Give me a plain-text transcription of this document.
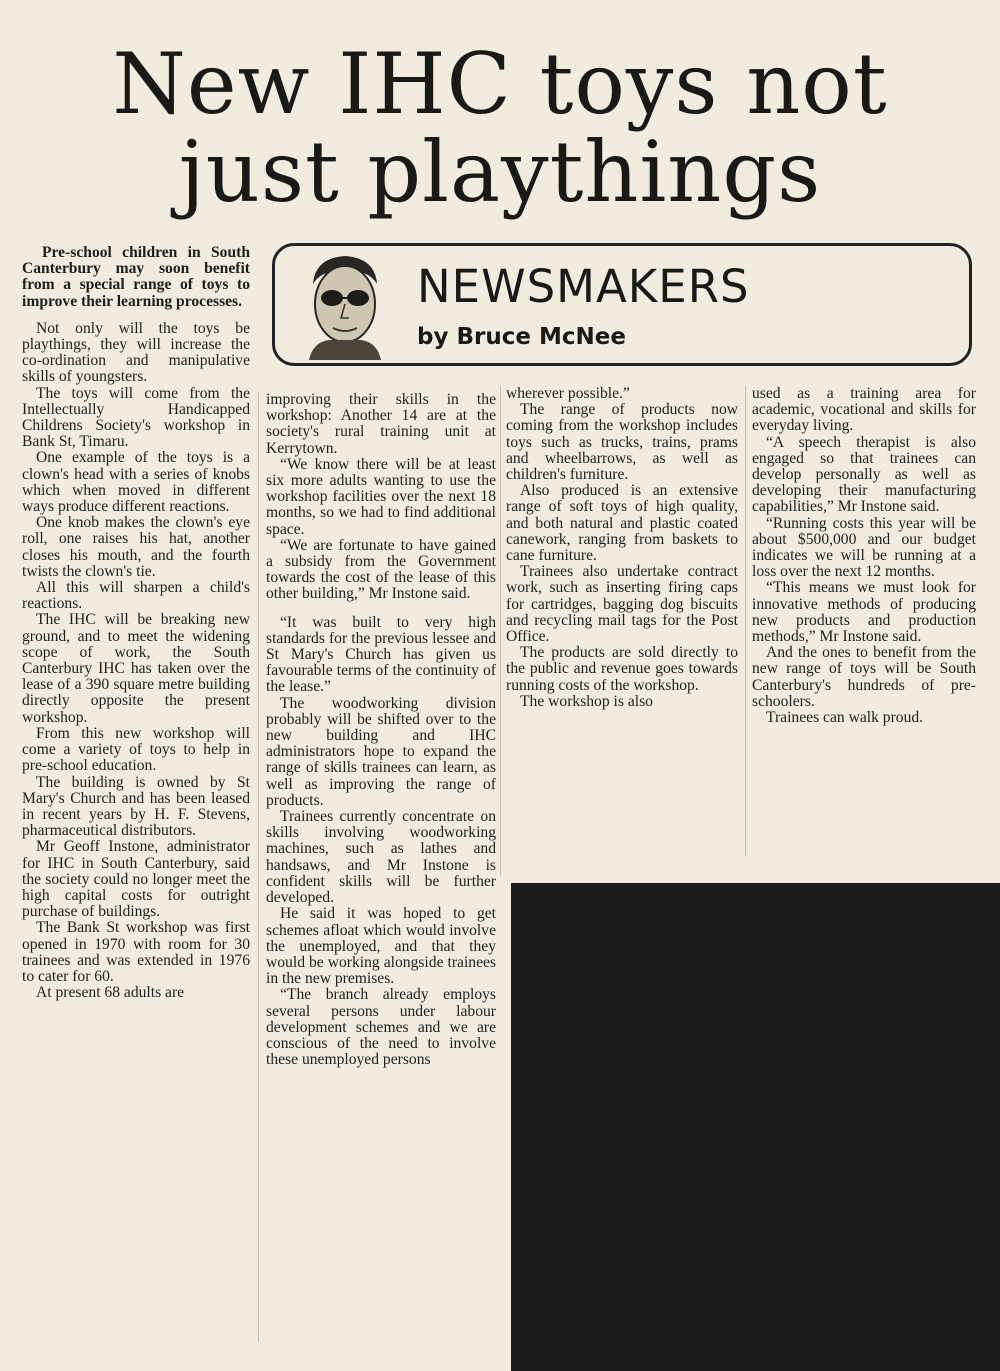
New IHC toys not
just playthings
NEWSMAKERS
by Bruce McNee

Pre-school children in South Canterbury may soon benefit from a special range of toys to improve their learning processes.

Not only will the toys be playthings, they will increase the co-ordination and manipulative skills of youngsters.

The toys will come from the Intellectually Handicapped Childrens Society's workshop in Bank St, Timaru.

One example of the toys is a clown's head with a series of knobs which when moved in different ways produce different reactions.

One knob makes the clown's eye roll, one raises his hat, another closes his mouth, and the fourth twists the clown's tie.

All this will sharpen a child's reactions.

The IHC will be breaking new ground, and to meet the widening scope of work, the South Canterbury IHC has taken over the lease of a 390 square metre building directly opposite the present workshop.

From this new workshop will come a variety of toys to help in pre-school education.

The building is owned by St Mary's Church and has been leased in recent years by H. F. Stevens, pharmaceutical distributors.

Mr Geoff Instone, administrator for IHC in South Canterbury, said the society could no longer meet the high capital costs for outright purchase of buildings.

The Bank St workshop was first opened in 1970 with room for 30 trainees and was extended in 1976 to cater for 60.

At present 68 adults are

improving their skills in the workshop: Another 14 are at the society's rural training unit at Kerrytown.

“We know there will be at least six more adults wanting to use the workshop facilities over the next 18 months, so we had to find additional space.

“We are fortunate to have gained a subsidy from the Government towards the cost of the lease of this other building,” Mr Instone said.

“It was built to very high standards for the previous lessee and St Mary's Church has given us favourable terms of the continuity of the lease.”

The woodworking division probably will be shifted over to the new building and IHC administrators hope to expand the range of skills trainees can learn, as well as improving the range of products.

Trainees currently concentrate on skills involving woodworking machines, such as lathes and handsaws, and Mr Instone is confident skills will be further developed.

He said it was hoped to get schemes afloat which would involve the unemployed, and that they would be working alongside trainees in the new premises.

“The branch already employs several persons under labour development schemes and we are conscious of the need to involve these unemployed persons

wherever possible.”

The range of products now coming from the workshop includes toys such as trucks, trains, prams and wheelbarrows, as well as children's furniture.

Also produced is an extensive range of soft toys of high quality, and both natural and plastic coated canework, ranging from baskets to cane furniture.

Trainees also undertake contract work, such as inserting firing caps for cartridges, bagging dog biscuits and recycling mail tags for the Post Office.

The products are sold directly to the public and revenue goes towards running costs of the workshop.

The workshop is also

used as a training area for academic, vocational and skills for everyday living.

“A speech therapist is also engaged so that trainees can develop personally as well as developing their manufacturing capabilities,” Mr Instone said.

“Running costs this year will be about $500,000 and our budget indicates we will be running at a loss over the next 12 months.

“This means we must look for innovative methods of producing new products and production methods,” Mr Instone said.

And the ones to benefit from the new range of toys will be South Canterbury's hundreds of pre-schoolers.

Trainees can walk proud.
